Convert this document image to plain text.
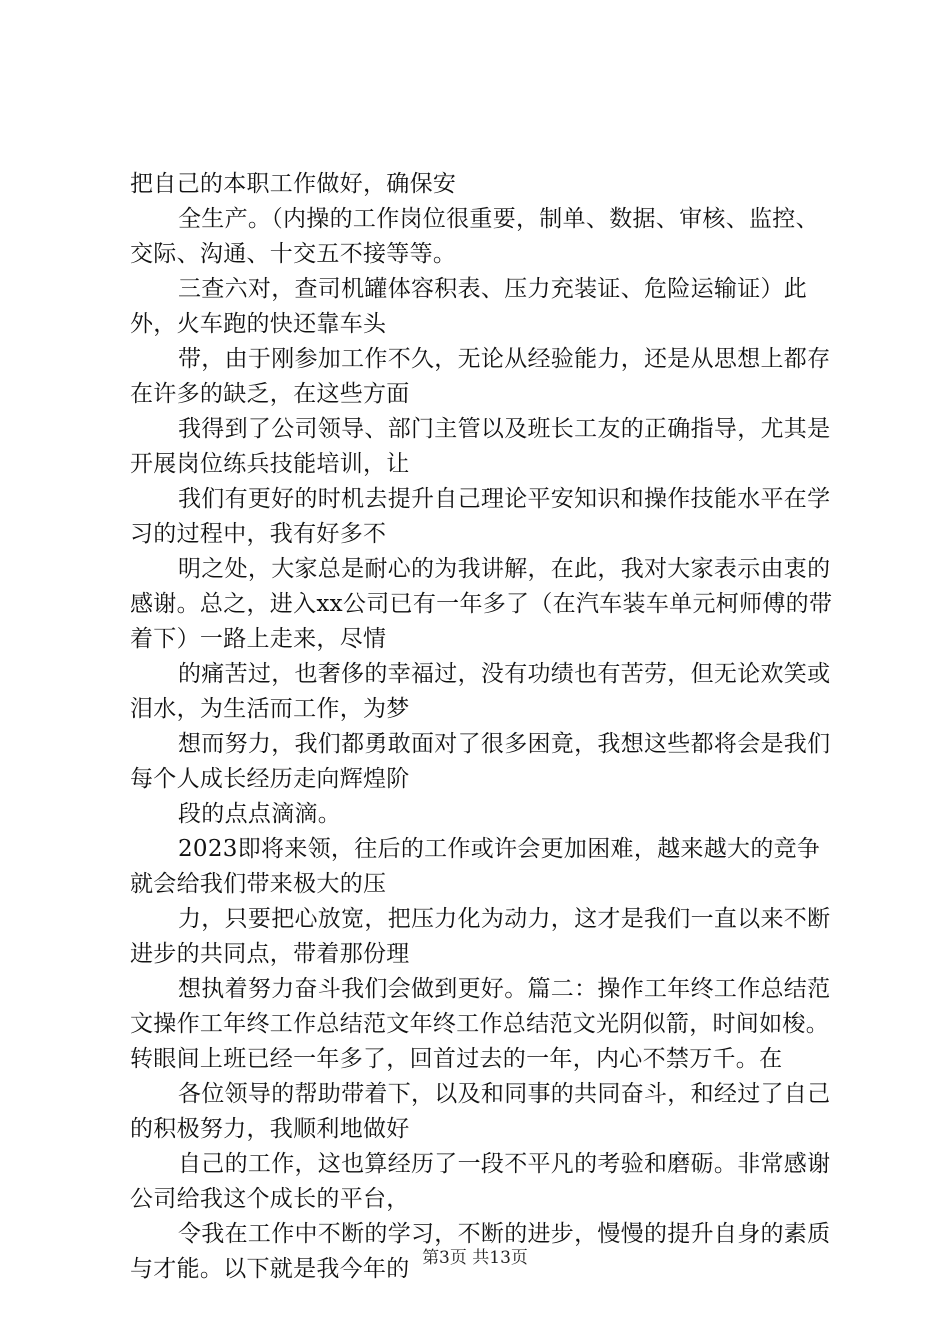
把自己的本职工作做好，确保安

全生产。（内操的工作岗位很重要，制单、数据、审核、监控、交际、沟通、十交五不接等等。

三查六对，查司机罐体容积表、压力充装证、危险运输证）此外，火车跑的快还靠车头

带，由于刚参加工作不久，无论从经验能力，还是从思想上都存在许多的缺乏，在这些方面

我得到了公司领导、部门主管以及班长工友的正确指导，尤其是开展岗位练兵技能培训，让

我们有更好的时机去提升自己理论平安知识和操作技能水平在学习的过程中，我有好多不

明之处，大家总是耐心的为我讲解，在此，我对大家表示由衷的感谢。总之，进入xx公司已有一年多了（在汽车装车单元柯师傅的带着下）一路上走来，尽情

的痛苦过，也奢侈的幸福过，没有功绩也有苦劳，但无论欢笑或泪水，为生活而工作，为梦

想而努力，我们都勇敢面对了很多困竟，我想这些都将会是我们每个人成长经历走向辉煌阶

段的点点滴滴。

2023即将来领，往后的工作或许会更加困难，越来越大的竞争就会给我们带来极大的压

力，只要把心放宽，把压力化为动力，这才是我们一直以来不断进步的共同点，带着那份理

想执着努力奋斗我们会做到更好。篇二：操作工年终工作总结范文操作工年终工作总结范文年终工作总结范文光阴似箭，时间如梭。转眼间上班已经一年多了，回首过去的一年，内心不禁万千。在

各位领导的帮助带着下，以及和同事的共同奋斗，和经过了自己的积极努力，我顺利地做好

自己的工作，这也算经历了一段不平凡的考验和磨砺。非常感谢公司给我这个成长的平台，

令我在工作中不断的学习，不断的进步，慢慢的提升自身的素质与才能。以下就是我今年的 第3页 共13页
